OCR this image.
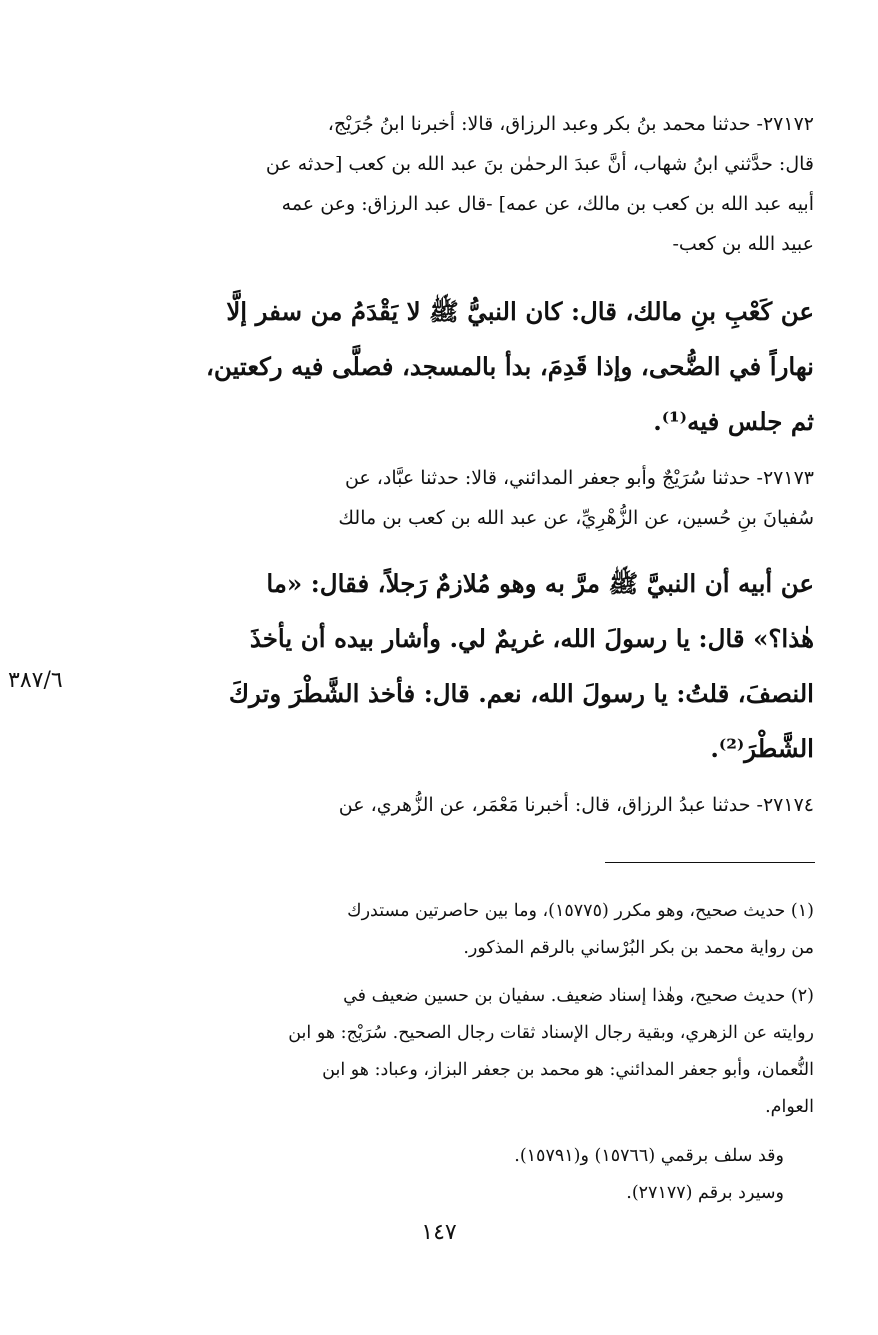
٢٧١٧٢- حدثنا محمد بنُ بكر وعبد الرزاق، قالا: أخبرنا ابنُ جُرَيْج،
قال: حدَّثني ابنُ شهاب، أنَّ عبدَ الرحمٰن بنَ عبد الله بن كعب [حدثه عن
أبيه عبد الله بن كعب بن مالك، عن عمه] -قال عبد الرزاق: وعن عمه
عبيد الله بن كعب-
عن كَعْبِ بنِ مالك، قال: كان النبيُّ ﷺ لا يَقْدَمُ من سفر إلَّا
نهاراً في الضُّحى، وإذا قَدِمَ، بدأ بالمسجد، فصلَّى فيه ركعتين،
ثم جلس فيه⁽¹⁾.
٢٧١٧٣- حدثنا سُرَيْجٌ وأبو جعفر المدائني، قالا: حدثنا عبَّاد، عن
سُفيانَ بنِ حُسين، عن الزُّهْرِيِّ، عن عبد الله بن كعب بن مالك
عن أبيه أن النبيَّ ﷺ مرَّ به وهو مُلازمٌ رَجلاً، فقال: «ما
هٰذا؟» قال: يا رسولَ الله، غريمٌ لي. وأشار بيده أن يأخذَ
النصفَ، قلتُ: يا رسولَ الله، نعم. قال: فأخذ الشَّطْرَ وتركَ
الشَّطْرَ⁽²⁾.
٣٨٧/٦
٢٧١٧٤- حدثنا عبدُ الرزاق، قال: أخبرنا مَعْمَر، عن الزُّهري، عن
(١) حديث صحيح، وهو مكرر (١٥٧٧٥)، وما بين حاصرتين مستدرك
من رواية محمد بن بكر البُرْساني بالرقم المذكور.
(٢) حديث صحيح، وهٰذا إسناد ضعيف. سفيان بن حسين ضعيف في
روايته عن الزهري، وبقية رجال الإسناد ثقات رجال الصحيح. سُرَيْج: هو ابن
النُّعمان، وأبو جعفر المدائني: هو محمد بن جعفر البزاز، وعباد: هو ابن
العوام.
وقد سلف برقمي (١٥٧٦٦) و(١٥٧٩١).
وسيرد برقم (٢٧١٧٧).
١٤٧
